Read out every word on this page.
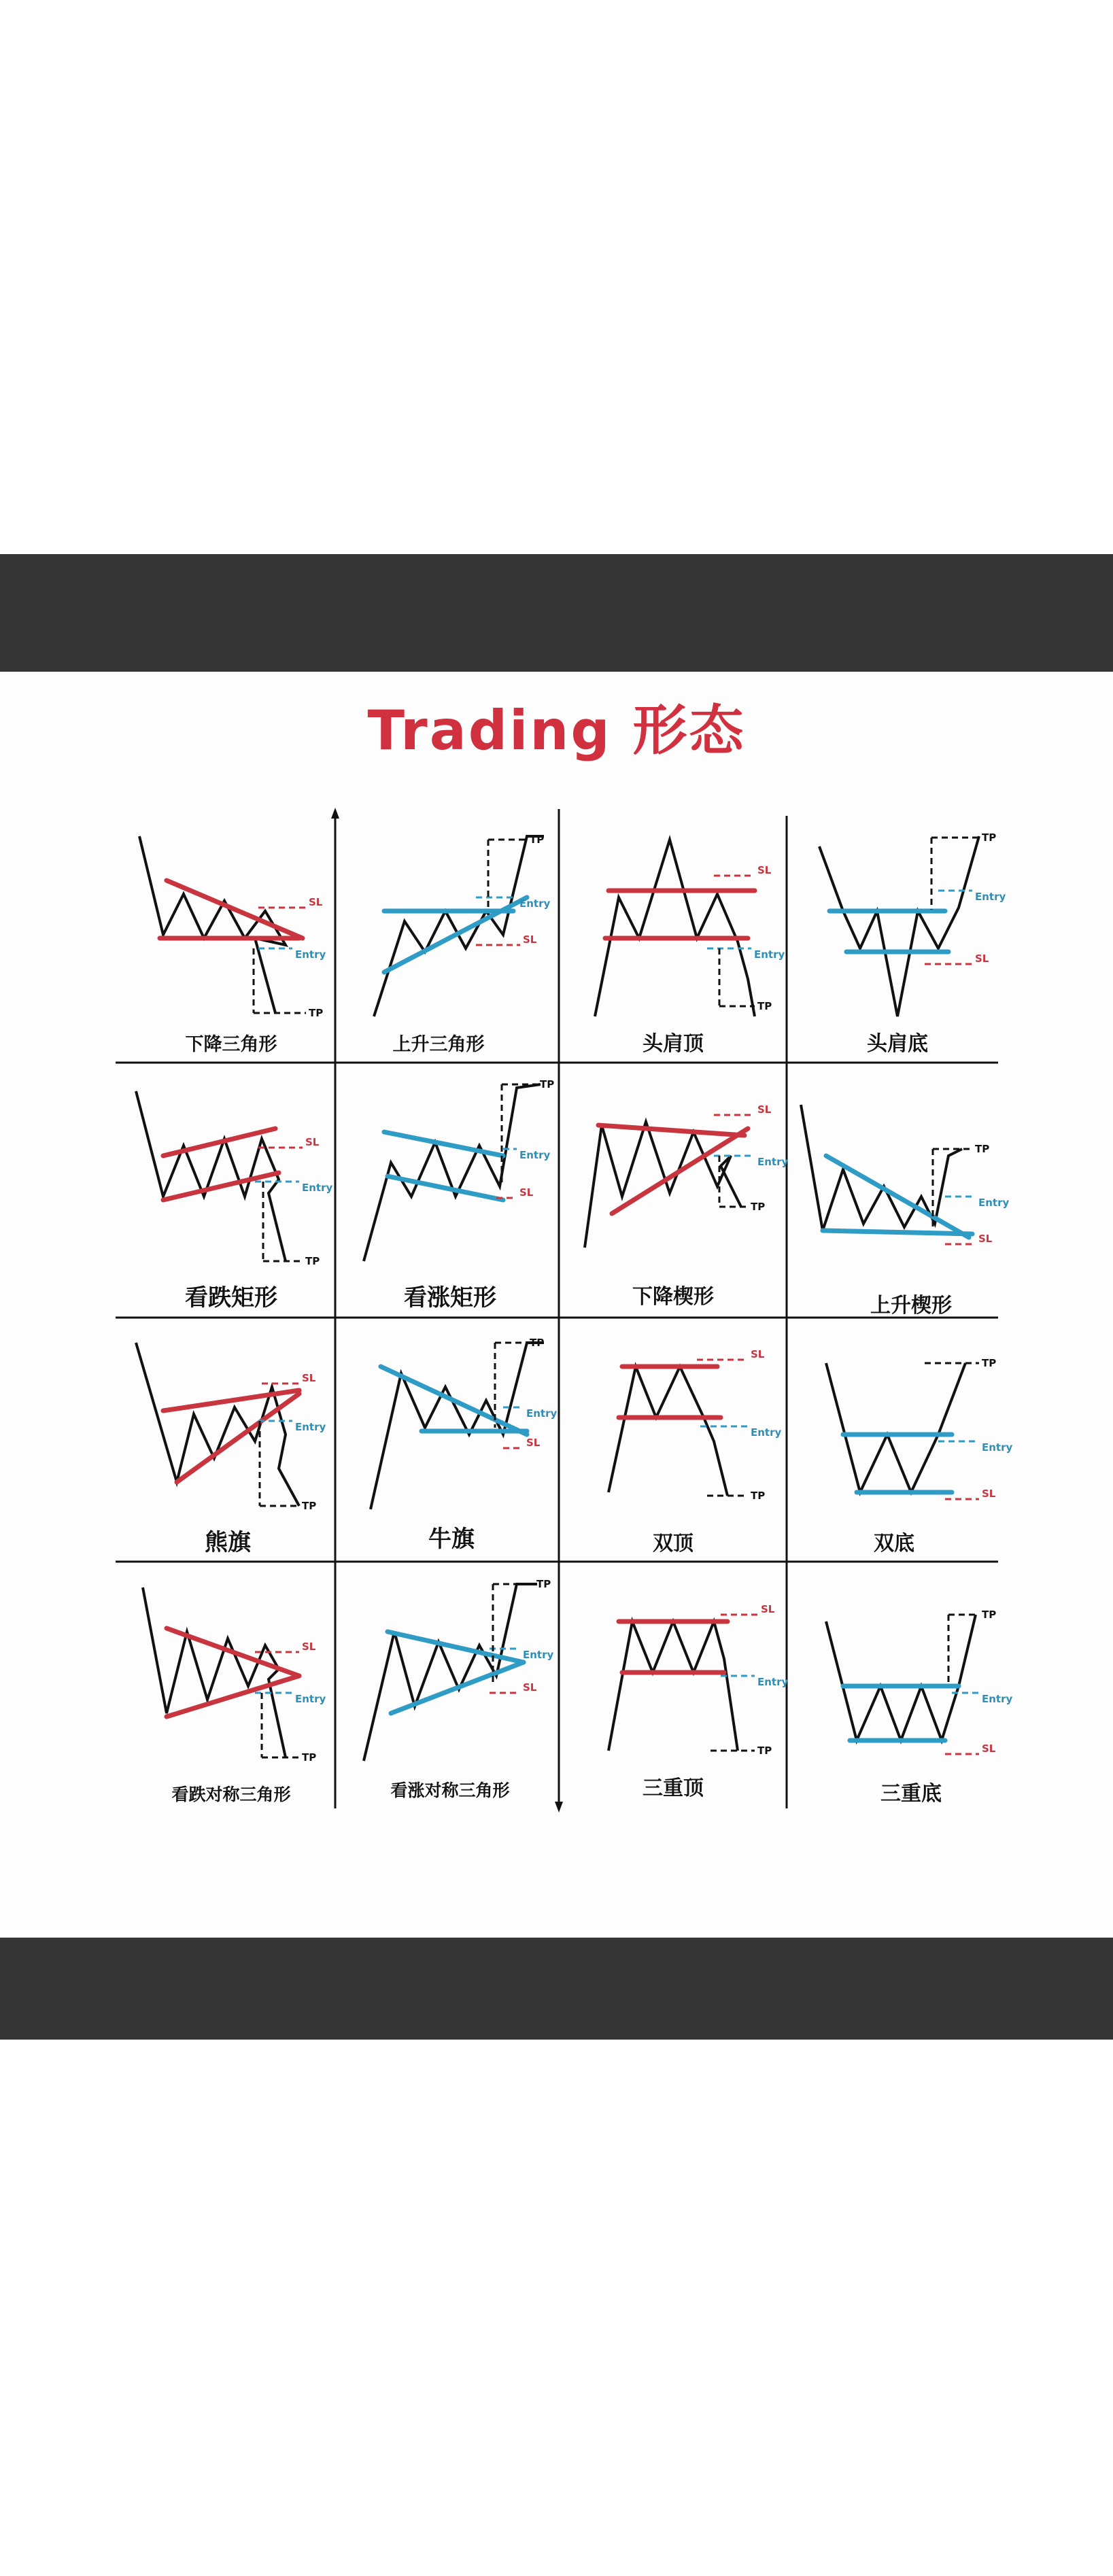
Trading 形态
SL
Entry
TP
下降三角形
Entry
SL
TP
上升三角形
SL
Entry
TP
头肩顶
Entry
SL
TP
头肩底
SL
Entry
TP
看跌矩形
Entry
SL
TP
看涨矩形
SL
Entry
TP
下降楔形
Entry
SL
TP
上升楔形
SL
Entry
TP
熊旗
Entry
SL
TP
牛旗
SL
Entry
TP
双顶
Entry
SL
TP
双底
SL
Entry
TP
看跌对称三角形
Entry
SL
TP
看涨对称三角形
SL
Entry
TP
三重顶
Entry
SL
TP
三重底
